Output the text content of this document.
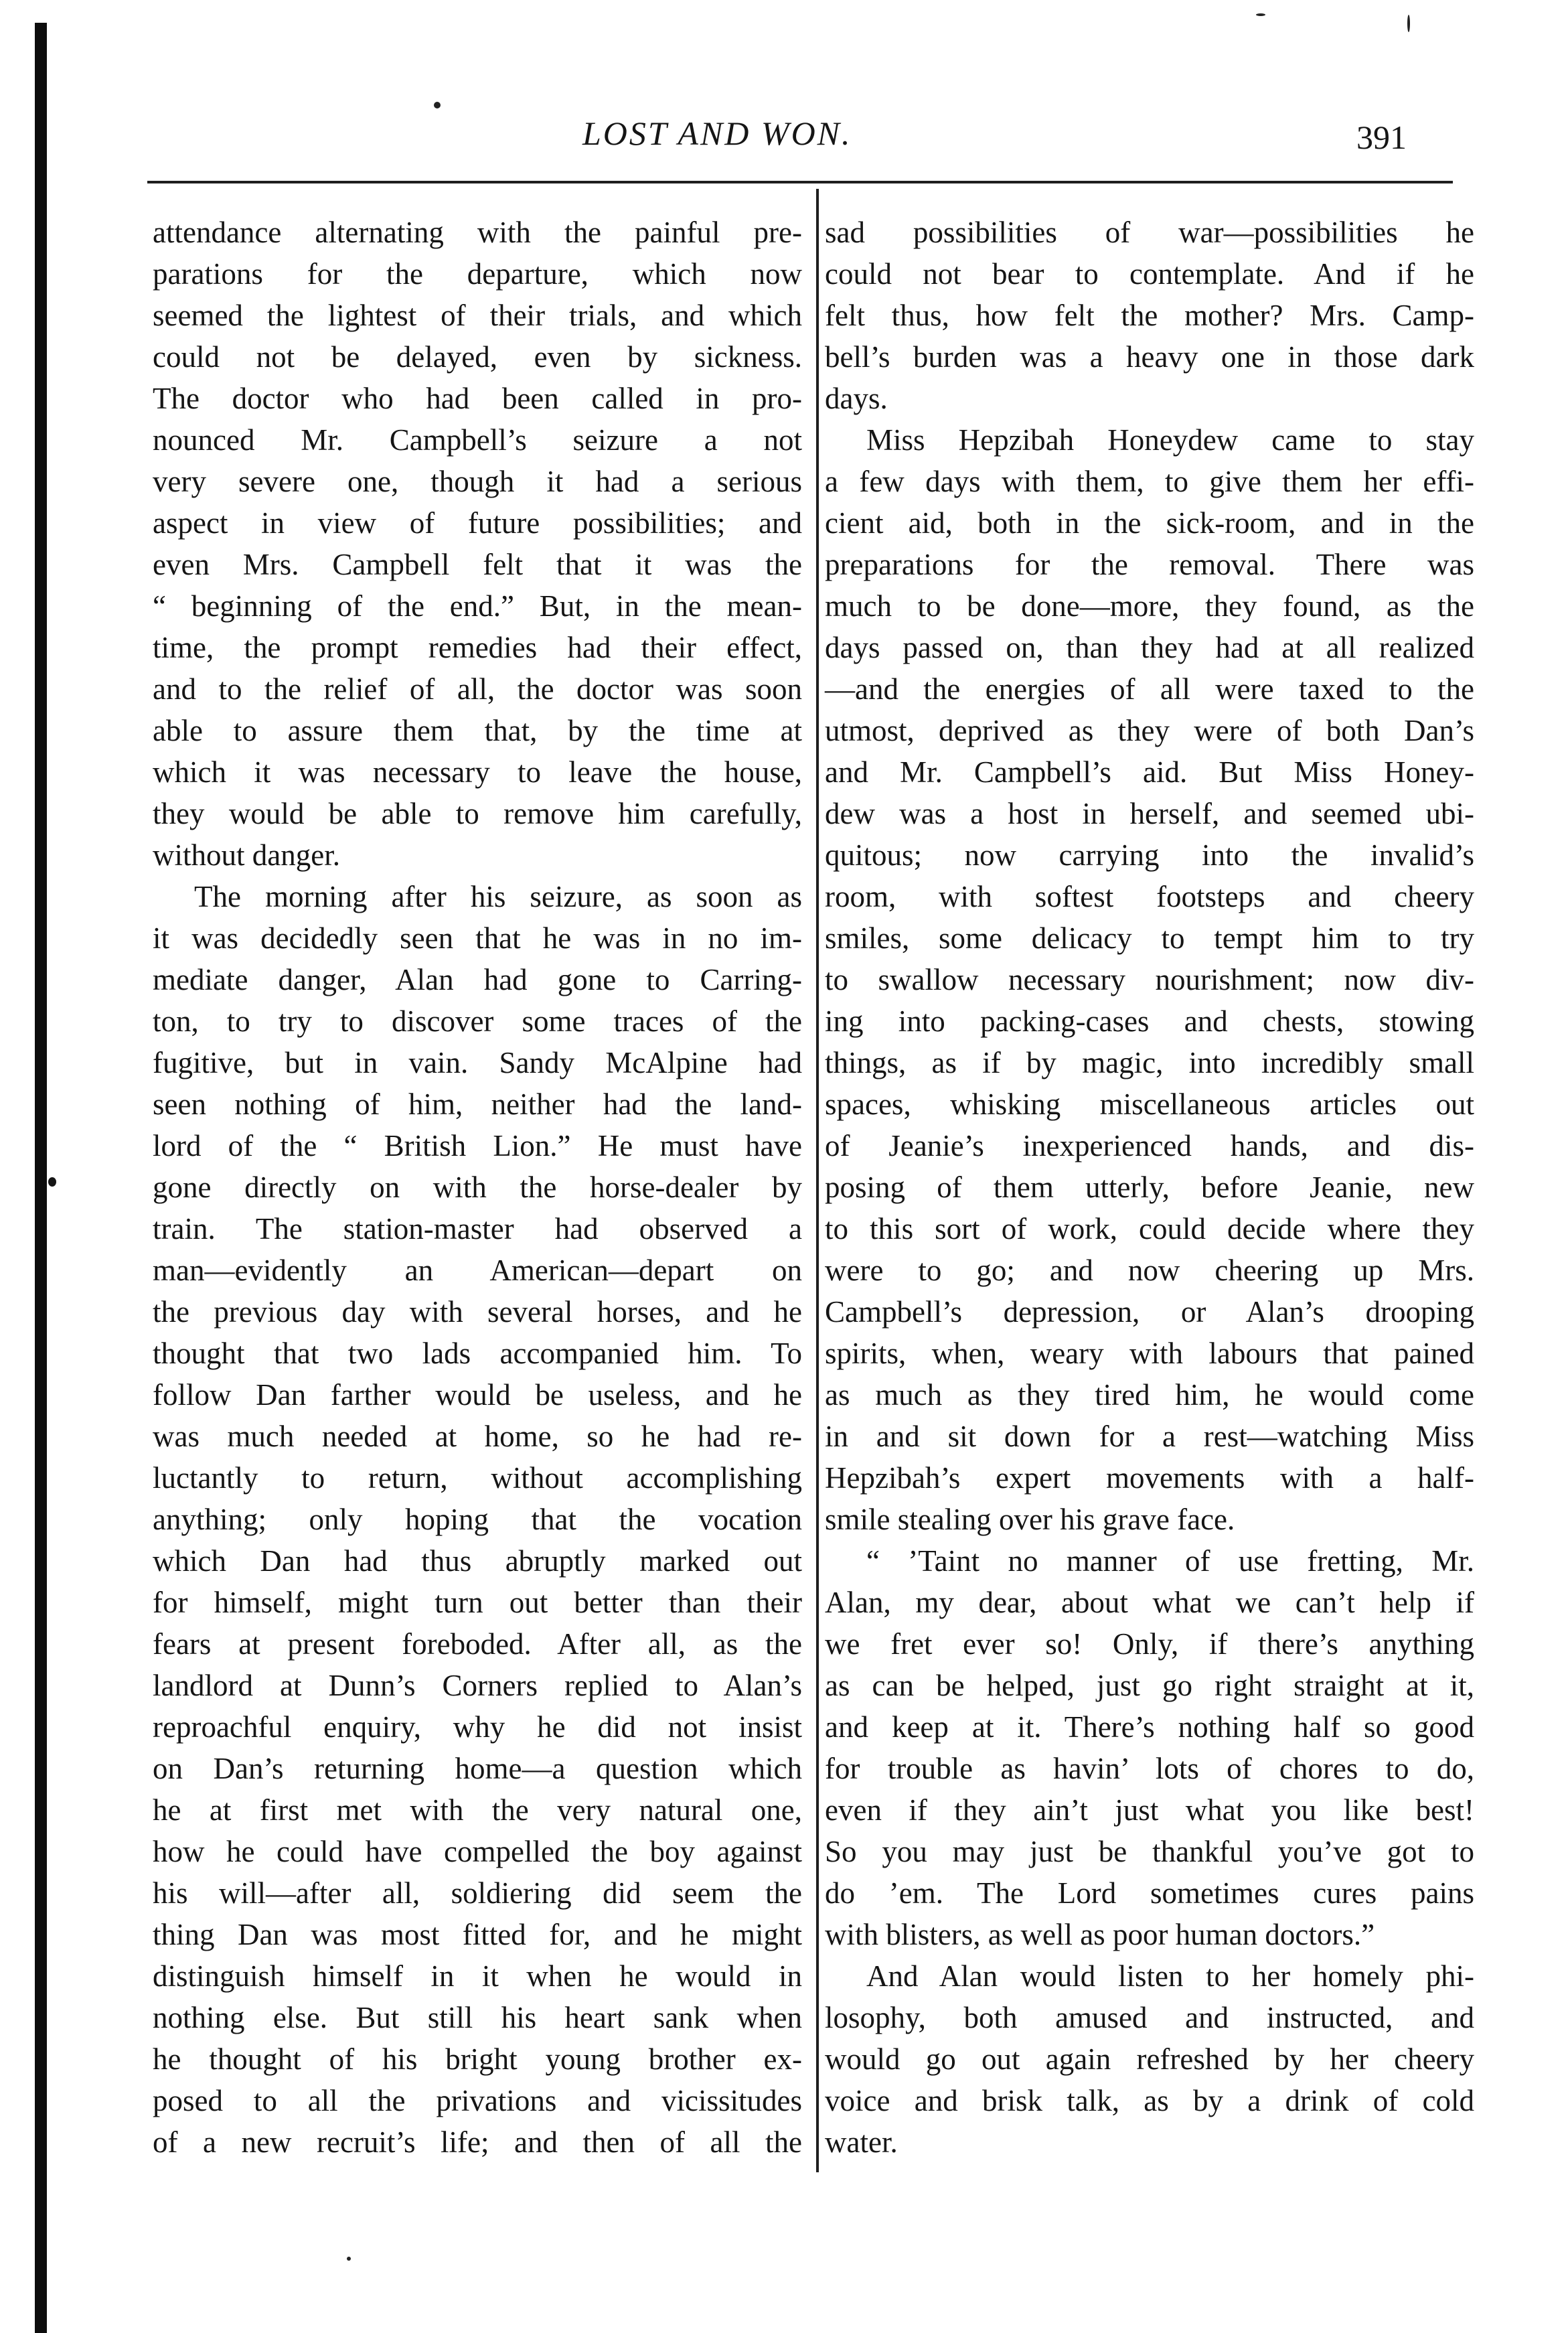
LOST AND WON.	391
attendance alternating with the painful pre-
parations for the departure, which now
seemed the lightest of their trials, and which
could not be delayed, even by sickness.
The doctor who had been called in pro-
nounced Mr. Campbell’s seizure a not
very severe one, though it had a serious
aspect in view of future possibilities; and
even Mrs. Campbell felt that it was the
“ beginning of the end.” But, in the mean-
time, the prompt remedies had their effect,
and to the relief of all, the doctor was soon
able to assure them that, by the time at
which it was necessary to leave the house,
they would be able to remove him carefully,
without danger.
The morning after his seizure, as soon as
it was decidedly seen that he was in no im-
mediate danger, Alan had gone to Carring-
ton, to try to discover some traces of the
fugitive, but in vain. Sandy McAlpine had
seen nothing of him, neither had the land-
lord of the “ British Lion.” He must have
gone directly on with the horse-dealer by
train. The station-master had observed a
man—evidently an American—depart on
the previous day with several horses, and he
thought that two lads accompanied him. To
follow Dan farther would be useless, and he
was much needed at home, so he had re-
luctantly to return, without accomplishing
anything; only hoping that the vocation
which Dan had thus abruptly marked out
for himself, might turn out better than their
fears at present foreboded. After all, as the
landlord at Dunn’s Corners replied to Alan’s
reproachful enquiry, why he did not insist
on Dan’s returning home—a question which
he at first met with the very natural one,
how he could have compelled the boy against
his will—after all, soldiering did seem the
thing Dan was most fitted for, and he might
distinguish himself in it when he would in
nothing else. But still his heart sank when
he thought of his bright young brother ex-
posed to all the privations and vicissitudes
of a new recruit’s life; and then of all the
sad possibilities of war—possibilities he
could not bear to contemplate. And if he
felt thus, how felt the mother? Mrs. Camp-
bell’s burden was a heavy one in those dark
days.
Miss Hepzibah Honeydew came to stay
a few days with them, to give them her effi-
cient aid, both in the sick-room, and in the
preparations for the removal. There was
much to be done—more, they found, as the
days passed on, than they had at all realized
—and the energies of all were taxed to the
utmost, deprived as they were of both Dan’s
and Mr. Campbell’s aid. But Miss Honey-
dew was a host in herself, and seemed ubi-
quitous; now carrying into the invalid’s
room, with softest footsteps and cheery
smiles, some delicacy to tempt him to try
to swallow necessary nourishment; now div-
ing into packing-cases and chests, stowing
things, as if by magic, into incredibly small
spaces, whisking miscellaneous articles out
of Jeanie’s inexperienced hands, and dis-
posing of them utterly, before Jeanie, new
to this sort of work, could decide where they
were to go; and now cheering up Mrs.
Campbell’s depression, or Alan’s drooping
spirits, when, weary with labours that pained
as much as they tired him, he would come
in and sit down for a rest—watching Miss
Hepzibah’s expert movements with a half-
smile stealing over his grave face.
“ ’Taint no manner of use fretting, Mr.
Alan, my dear, about what we can’t help if
we fret ever so! Only, if there’s anything
as can be helped, just go right straight at it,
and keep at it. There’s nothing half so good
for trouble as havin’ lots of chores to do,
even if they ain’t just what you like best!
So you may just be thankful you’ve got to
do ’em. The Lord sometimes cures pains
with blisters, as well as poor human doctors.”
And Alan would listen to her homely phi-
losophy, both amused and instructed, and
would go out again refreshed by her cheery
voice and brisk talk, as by a drink of cold
water.
